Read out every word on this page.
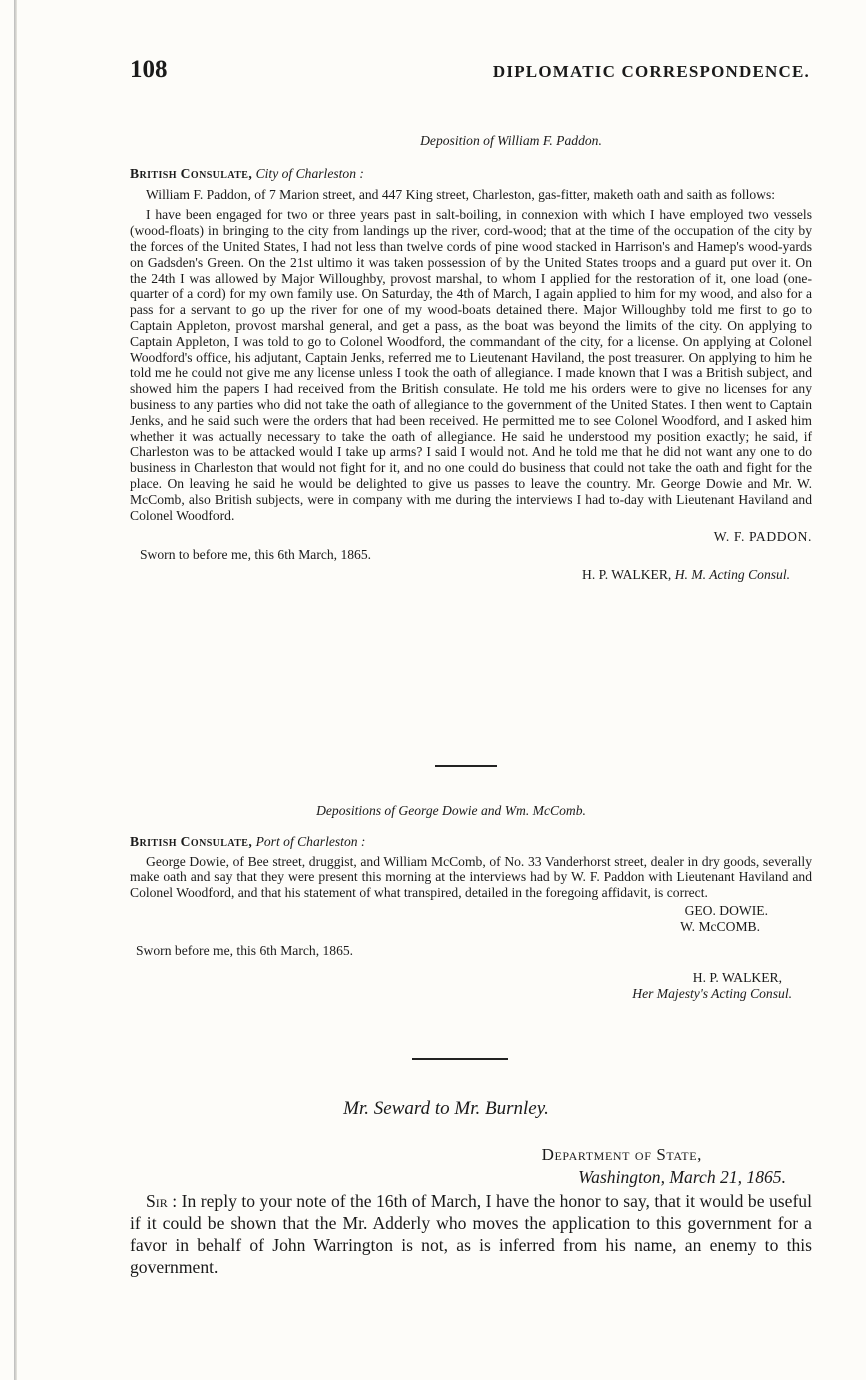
108	DIPLOMATIC CORRESPONDENCE.

Deposition of William F. Paddon.

British Consulate, City of Charleston :

William F. Paddon, of 7 Marion street, and 447 King street, Charleston, gas-fitter, maketh oath and saith as follows:

I have been engaged for two or three years past in salt-boiling, in connexion with which I have employed two vessels (wood-floats) in bringing to the city from landings up the river, cord-wood; that at the time of the occupation of the city by the forces of the United States, I had not less than twelve cords of pine wood stacked in Harrison's and Hamep's wood-yards on Gadsden's Green. On the 21st ultimo it was taken possession of by the United States troops and a guard put over it. On the 24th I was allowed by Major Willoughby, provost marshal, to whom I applied for the restoration of it, one load (one-quarter of a cord) for my own family use. On Saturday, the 4th of March, I again applied to him for my wood, and also for a pass for a servant to go up the river for one of my wood-boats detained there. Major Willoughby told me first to go to Captain Appleton, provost marshal general, and get a pass, as the boat was beyond the limits of the city. On applying to Captain Appleton, I was told to go to Colonel Woodford, the commandant of the city, for a license. On applying at Colonel Woodford's office, his adjutant, Captain Jenks, referred me to Lieutenant Haviland, the post treasurer. On applying to him he told me he could not give me any license unless I took the oath of allegiance. I made known that I was a British subject, and showed him the papers I had received from the British consulate. He told me his orders were to give no licenses for any business to any parties who did not take the oath of allegiance to the government of the United States. I then went to Captain Jenks, and he said such were the orders that had been received. He permitted me to see Colonel Woodford, and I asked him whether it was actually necessary to take the oath of allegiance. He said he understood my position exactly; he said, if Charleston was to be attacked would I take up arms? I said I would not. And he told me that he did not want any one to do business in Charleston that would not fight for it, and no one could do business that could not take the oath and fight for the place. On leaving he said he would be delighted to give us passes to leave the country. Mr. George Dowie and Mr. W. McComb, also British subjects, were in company with me during the interviews I had to-day with Lieutenant Haviland and Colonel Woodford.

W. F. PADDON.

Sworn to before me, this 6th March, 1865.

H. P. WALKER, H. M. Acting Consul.

Depositions of George Dowie and Wm. McComb.

British Consulate, Port of Charleston :

George Dowie, of Bee street, druggist, and William McComb, of No. 33 Vanderhorst street, dealer in dry goods, severally make oath and say that they were present this morning at the interviews had by W. F. Paddon with Lieutenant Haviland and Colonel Woodford, and that his statement of what transpired, detailed in the foregoing affidavit, is correct.

GEO. DOWIE.

W. McCOMB.

Sworn before me, this 6th March, 1865.

H. P. WALKER,

Her Majesty's Acting Consul.

Mr. Seward to Mr. Burnley.

Department of State,

Washington, March 21, 1865.

Sir : In reply to your note of the 16th of March, I have the honor to say, that it would be useful if it could be shown that the Mr. Adderly who moves the application to this government for a favor in behalf of John Warrington is not, as is inferred from his name, an enemy to this government.
